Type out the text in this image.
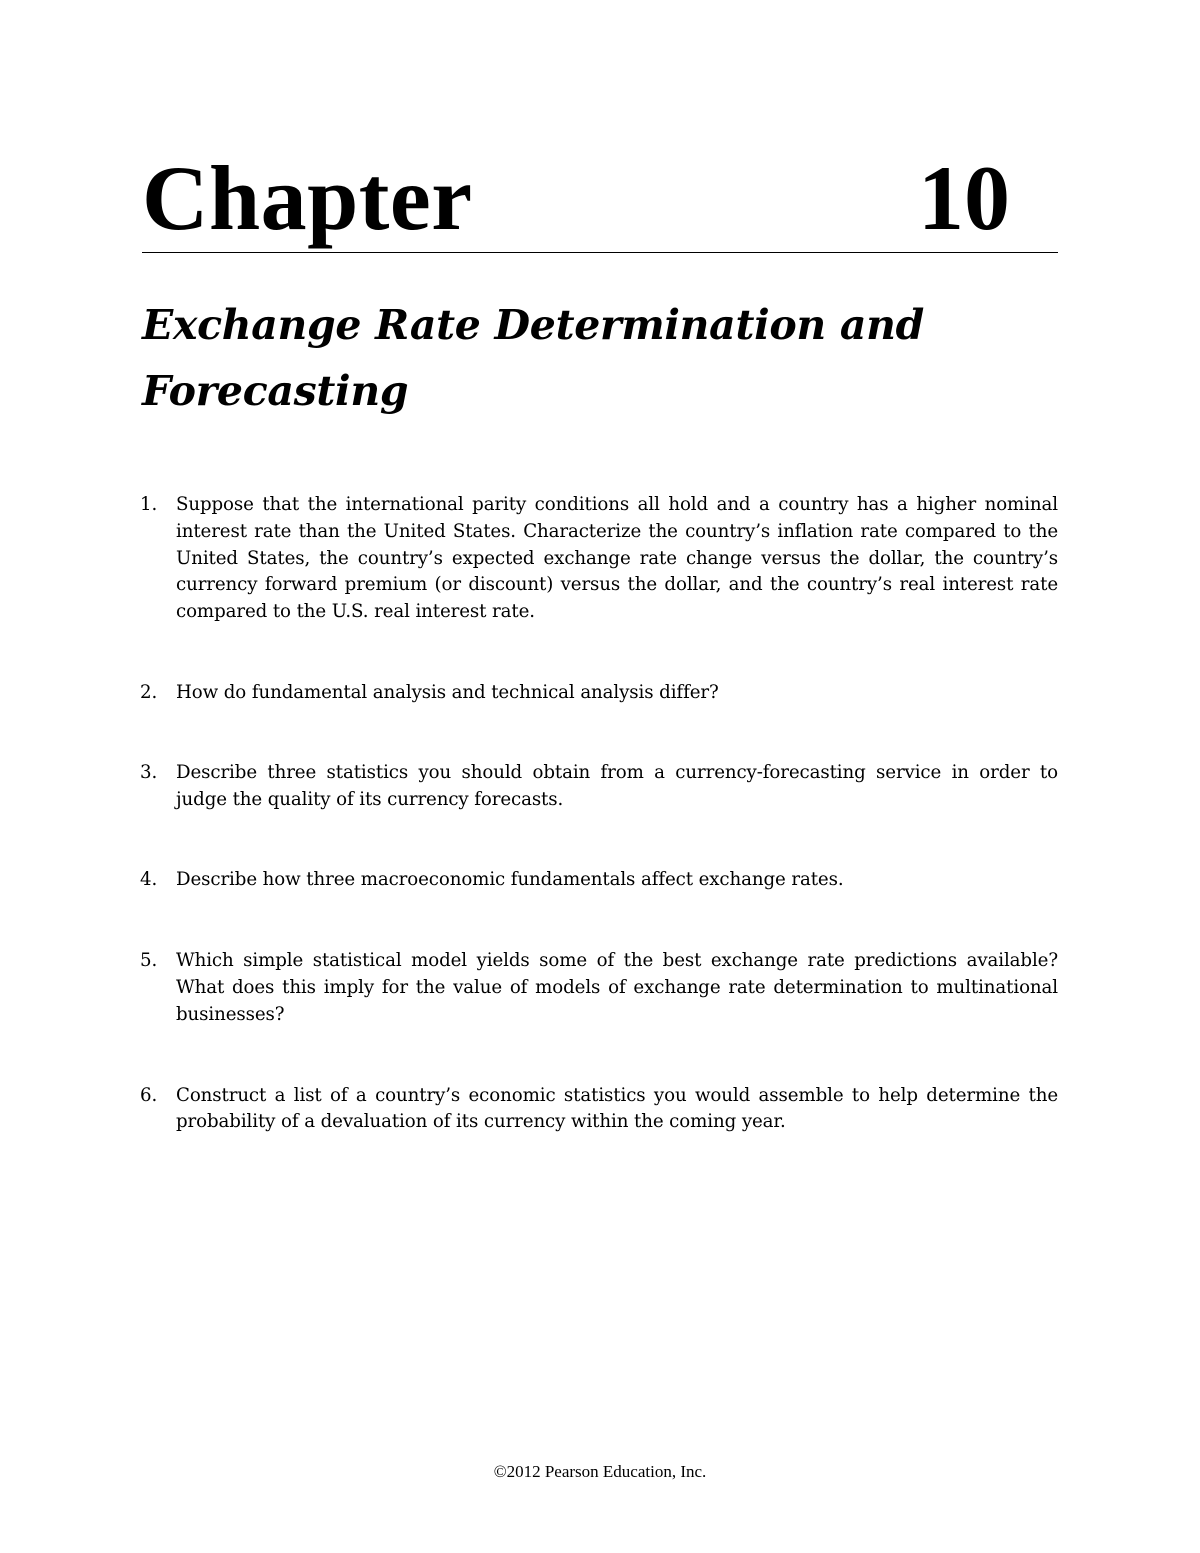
Chapter	10
Exchange Rate Determination and Forecasting
1. Suppose that the international parity conditions all hold and a country has a higher nominal interest rate than the United States. Characterize the country’s inflation rate compared to the United States, the country’s expected exchange rate change versus the dollar, the country’s currency forward premium (or discount) versus the dollar, and the country’s real interest rate compared to the U.S. real interest rate.
2. How do fundamental analysis and technical analysis differ?
3. Describe three statistics you should obtain from a currency-forecasting service in order to judge the quality of its currency forecasts.
4. Describe how three macroeconomic fundamentals affect exchange rates.
5. Which simple statistical model yields some of the best exchange rate predictions available? What does this imply for the value of models of exchange rate determination to multinational businesses?
6. Construct a list of a country’s economic statistics you would assemble to help determine the probability of a devaluation of its currency within the coming year.
©2012 Pearson Education, Inc.
